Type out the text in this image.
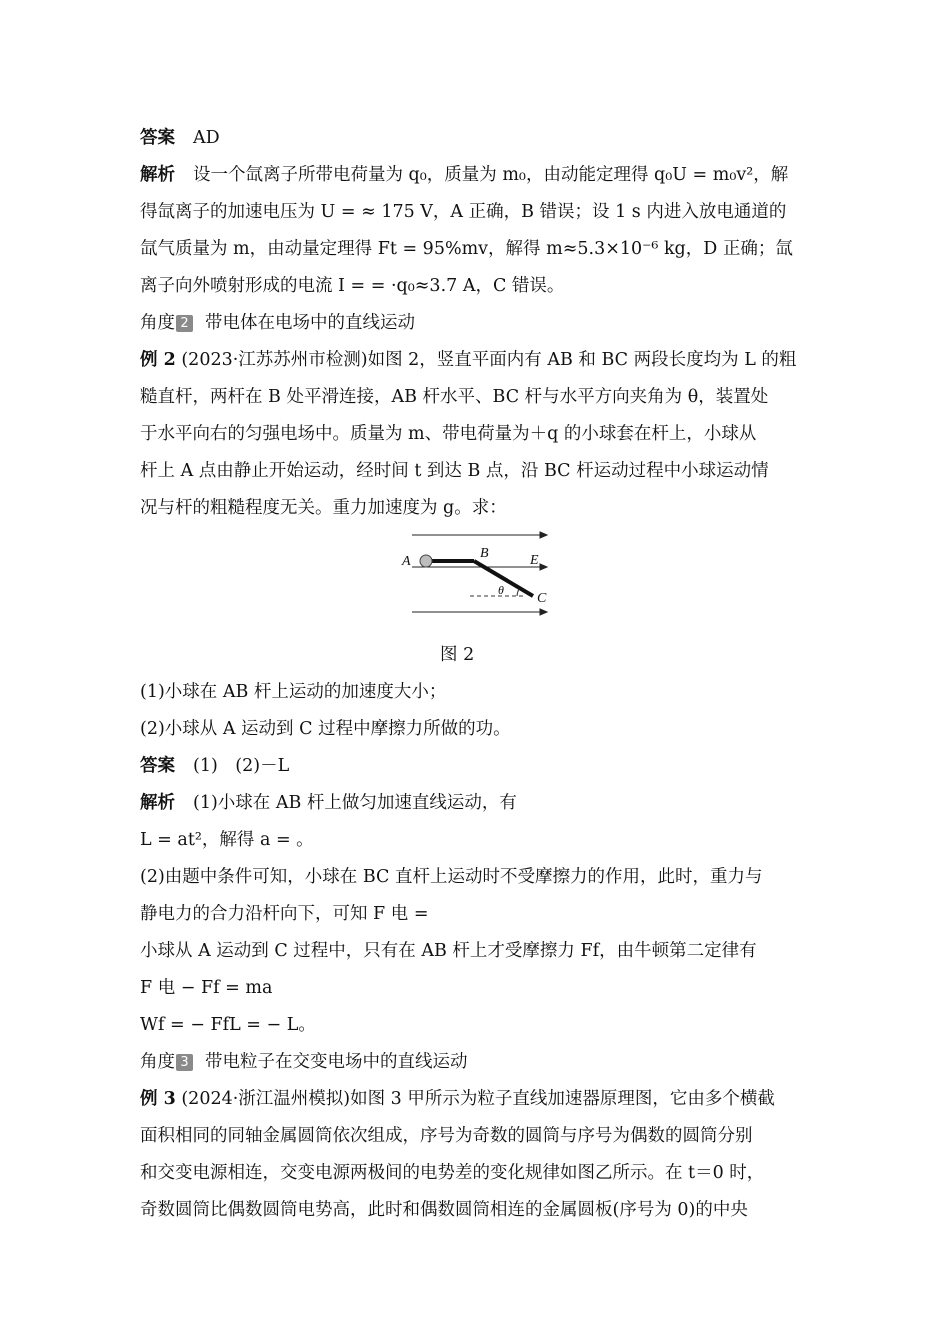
答案 AD
解析 设一个氙离子所带电荷量为 q₀，质量为 m₀，由动能定理得 q₀U = m₀v²，解
得氙离子的加速电压为 U = ≈ 175 V，A 正确，B 错误；设 1 s 内进入放电通道的
氙气质量为 m，由动量定理得 Ft = 95%mv，解得 m≈5.3×10⁻⁶ kg，D 正确；氙
离子向外喷射形成的电流 I = = ·q₀≈3.7 A，C 错误。
角度 2 带电体在电场中的直线运动
例 2 (2023·江苏苏州市检测)如图 2，竖直平面内有 AB 和 BC 两段长度均为 L 的粗
糙直杆，两杆在 B 处平滑连接，AB 杆水平、BC 杆与水平方向夹角为 θ，装置处
于水平向右的匀强电场中。质量为 m、带电荷量为＋q 的小球套在杆上，小球从
杆上 A 点由静止开始运动，经时间 t 到达 B 点，沿 BC 杆运动过程中小球运动情
况与杆的粗糙程度无关。重力加速度为 g。求：
A
B	E
C
θ
图 2
(1)小球在 AB 杆上运动的加速度大小；
(2)小球从 A 运动到 C 过程中摩擦力所做的功。
答案 (1)　(2)－L
解析 (1)小球在 AB 杆上做匀加速直线运动，有
L = at²，解得 a = 。
(2)由题中条件可知，小球在 BC 直杆上运动时不受摩擦力的作用，此时，重力与
静电力的合力沿杆向下，可知 F 电 =
小球从 A 运动到 C 过程中，只有在 AB 杆上才受摩擦力 Ff，由牛顿第二定律有
F 电 − Ff = ma
Wf = − FfL = − L。
角度 3 带电粒子在交变电场中的直线运动
例 3 (2024·浙江温州模拟)如图 3 甲所示为粒子直线加速器原理图，它由多个横截
面积相同的同轴金属圆筒依次组成，序号为奇数的圆筒与序号为偶数的圆筒分别
和交变电源相连，交变电源两极间的电势差的变化规律如图乙所示。在 t＝0 时，
奇数圆筒比偶数圆筒电势高，此时和偶数圆筒相连的金属圆板(序号为 0)的中央
